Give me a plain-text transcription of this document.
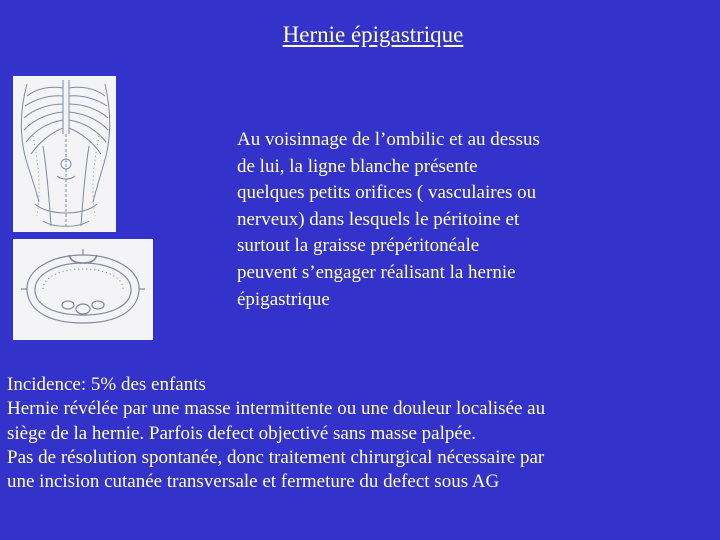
Hernie épigastrique
Au voisinnage de l’ombilic et au dessus
de lui, la ligne blanche présente
quelques petits orifices ( vasculaires ou
nerveux) dans lesquels le péritoine et
surtout la graisse prépéritonéale
peuvent s’engager réalisant la hernie
épigastrique
Incidence: 5% des enfants
Hernie révélée par une masse intermittente ou une douleur localisée au
siège de la hernie. Parfois defect objectivé sans masse palpée.
Pas de résolution spontanée, donc traitement chirurgical nécessaire par
une incision cutanée transversale et fermeture du defect sous AG
